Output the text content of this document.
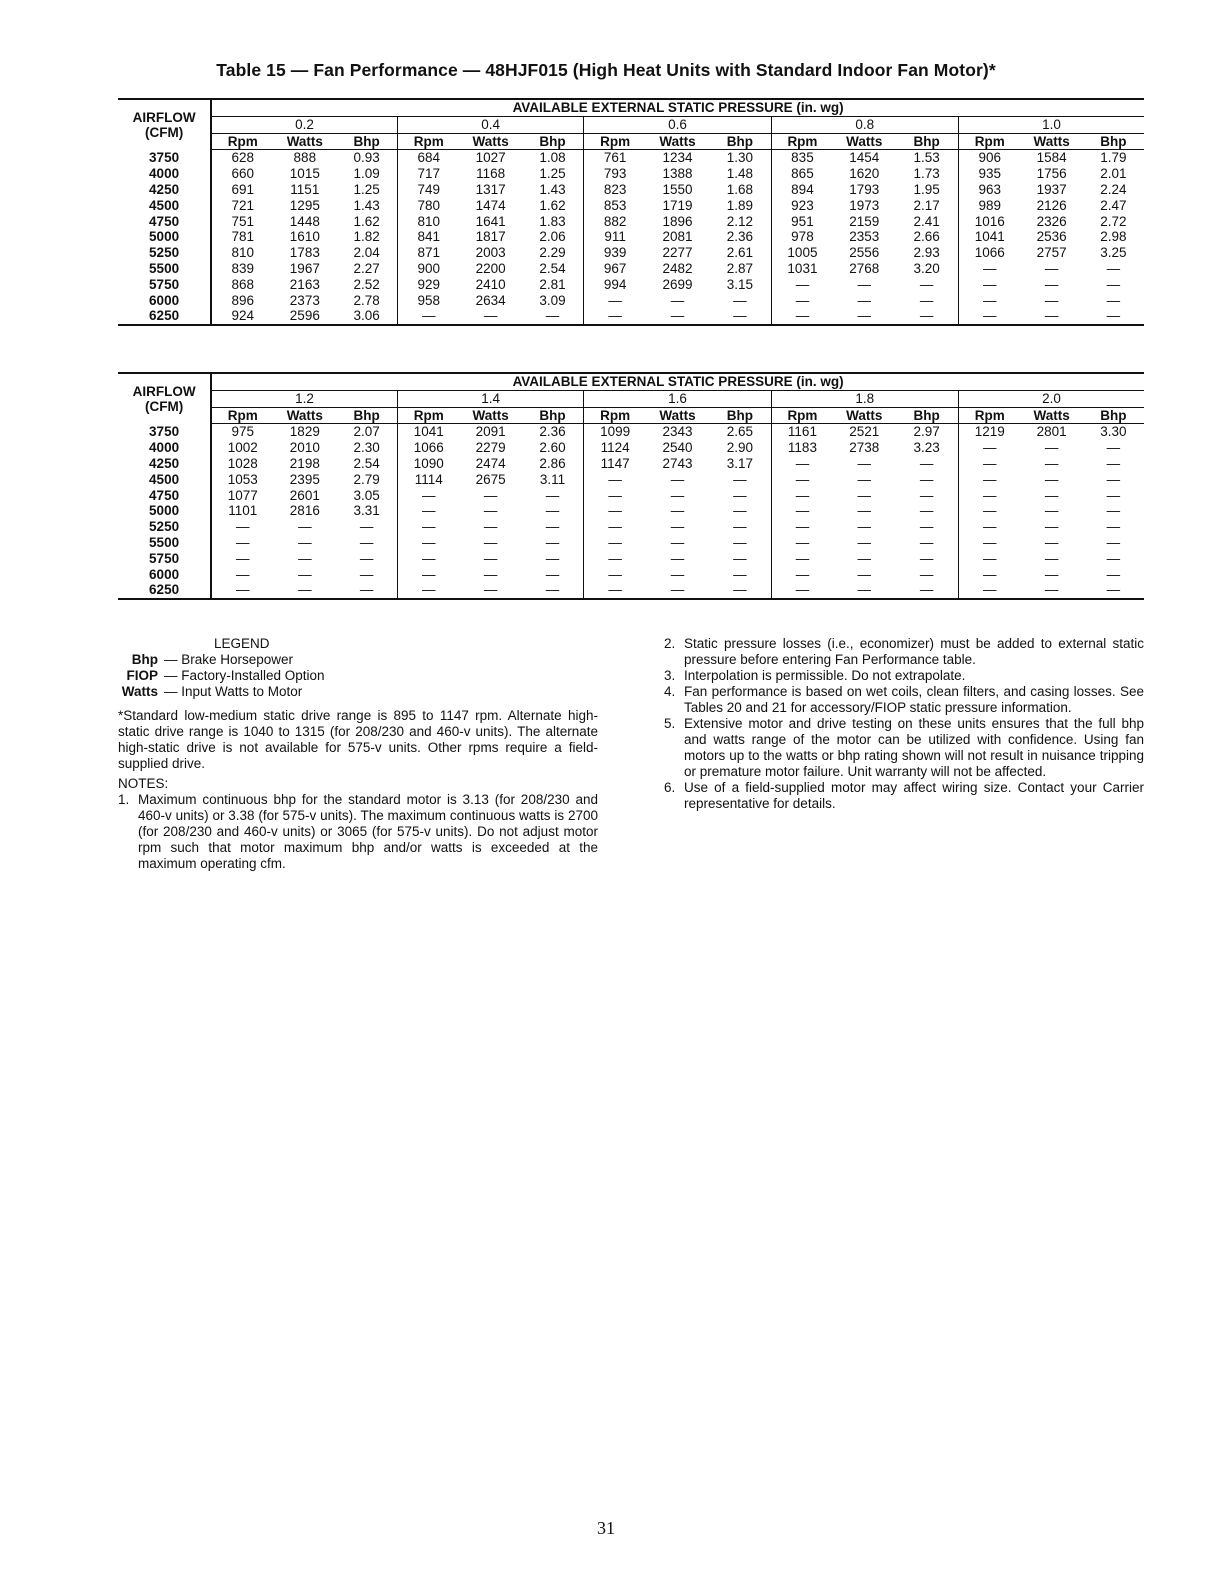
Table 15 — Fan Performance — 48HJF015 (High Heat Units with Standard Indoor Fan Motor)*
AIRFLOW
(CFM)	AVAILABLE EXTERNAL STATIC PRESSURE (in. wg)														
	0.2			0.4			0.6			0.8			1.0		
	Rpm	Watts	Bhp	Rpm	Watts	Bhp	Rpm	Watts	Bhp	Rpm	Watts	Bhp	Rpm	Watts	Bhp
3750	628	888	0.93	684	1027	1.08	761	1234	1.30	835	1454	1.53	906	1584	1.79
4000	660	1015	1.09	717	1168	1.25	793	1388	1.48	865	1620	1.73	935	1756	2.01
4250	691	1151	1.25	749	1317	1.43	823	1550	1.68	894	1793	1.95	963	1937	2.24
4500	721	1295	1.43	780	1474	1.62	853	1719	1.89	923	1973	2.17	989	2126	2.47
4750	751	1448	1.62	810	1641	1.83	882	1896	2.12	951	2159	2.41	1016	2326	2.72
5000	781	1610	1.82	841	1817	2.06	911	2081	2.36	978	2353	2.66	1041	2536	2.98
5250	810	1783	2.04	871	2003	2.29	939	2277	2.61	1005	2556	2.93	1066	2757	3.25
5500	839	1967	2.27	900	2200	2.54	967	2482	2.87	1031	2768	3.20	—	—	—
5750	868	2163	2.52	929	2410	2.81	994	2699	3.15	—	—	—	—	—	—
6000	896	2373	2.78	958	2634	3.09	—	—	—	—	—	—	—	—	—
6250	924	2596	3.06	—	—	—	—	—	—	—	—	—	—	—	—
AIRFLOW
(CFM)	AVAILABLE EXTERNAL STATIC PRESSURE (in. wg)														
	1.2			1.4			1.6			1.8			2.0		
	Rpm	Watts	Bhp	Rpm	Watts	Bhp	Rpm	Watts	Bhp	Rpm	Watts	Bhp	Rpm	Watts	Bhp
3750	975	1829	2.07	1041	2091	2.36	1099	2343	2.65	1161	2521	2.97	1219	2801	3.30
4000	1002	2010	2.30	1066	2279	2.60	1124	2540	2.90	1183	2738	3.23	—	—	—
4250	1028	2198	2.54	1090	2474	2.86	1147	2743	3.17	—	—	—	—	—	—
4500	1053	2395	2.79	1114	2675	3.11	—	—	—	—	—	—	—	—	—
4750	1077	2601	3.05	—	—	—	—	—	—	—	—	—	—	—	—
5000	1101	2816	3.31	—	—	—	—	—	—	—	—	—	—	—	—
5250	—	—	—	—	—	—	—	—	—	—	—	—	—	—	—
5500	—	—	—	—	—	—	—	—	—	—	—	—	—	—	—
5750	—	—	—	—	—	—	—	—	—	—	—	—	—	—	—
6000	—	—	—	—	—	—	—	—	—	—	—	—	—	—	—
6250	—	—	—	—	—	—	—	—	—	—	—	—	—	—	—
LEGEND
Bhp — Brake Horsepower
FIOP — Factory-Installed Option
Watts — Input Watts to Motor
*Standard low-medium static drive range is 895 to 1147 rpm. Alternate high-static drive range is 1040 to 1315 (for 208/230 and 460-v units). The alternate high-static drive is not available for 575-v units. Other rpms require a field-supplied drive.
NOTES:
1. Maximum continuous bhp for the standard motor is 3.13 (for 208/230 and 460-v units) or 3.38 (for 575-v units). The maximum continuous watts is 2700 (for 208/230 and 460-v units) or 3065 (for 575-v units). Do not adjust motor rpm such that motor maximum bhp and/or watts is exceeded at the maximum operating cfm.
2. Static pressure losses (i.e., economizer) must be added to external static pressure before entering Fan Performance table.
3. Interpolation is permissible. Do not extrapolate.
4. Fan performance is based on wet coils, clean filters, and casing losses. See Tables 20 and 21 for accessory/FIOP static pressure information.
5. Extensive motor and drive testing on these units ensures that the full bhp and watts range of the motor can be utilized with confidence. Using fan motors up to the watts or bhp rating shown will not result in nuisance tripping or premature motor failure. Unit warranty will not be affected.
6. Use of a field-supplied motor may affect wiring size. Contact your Carrier representative for details.
31
